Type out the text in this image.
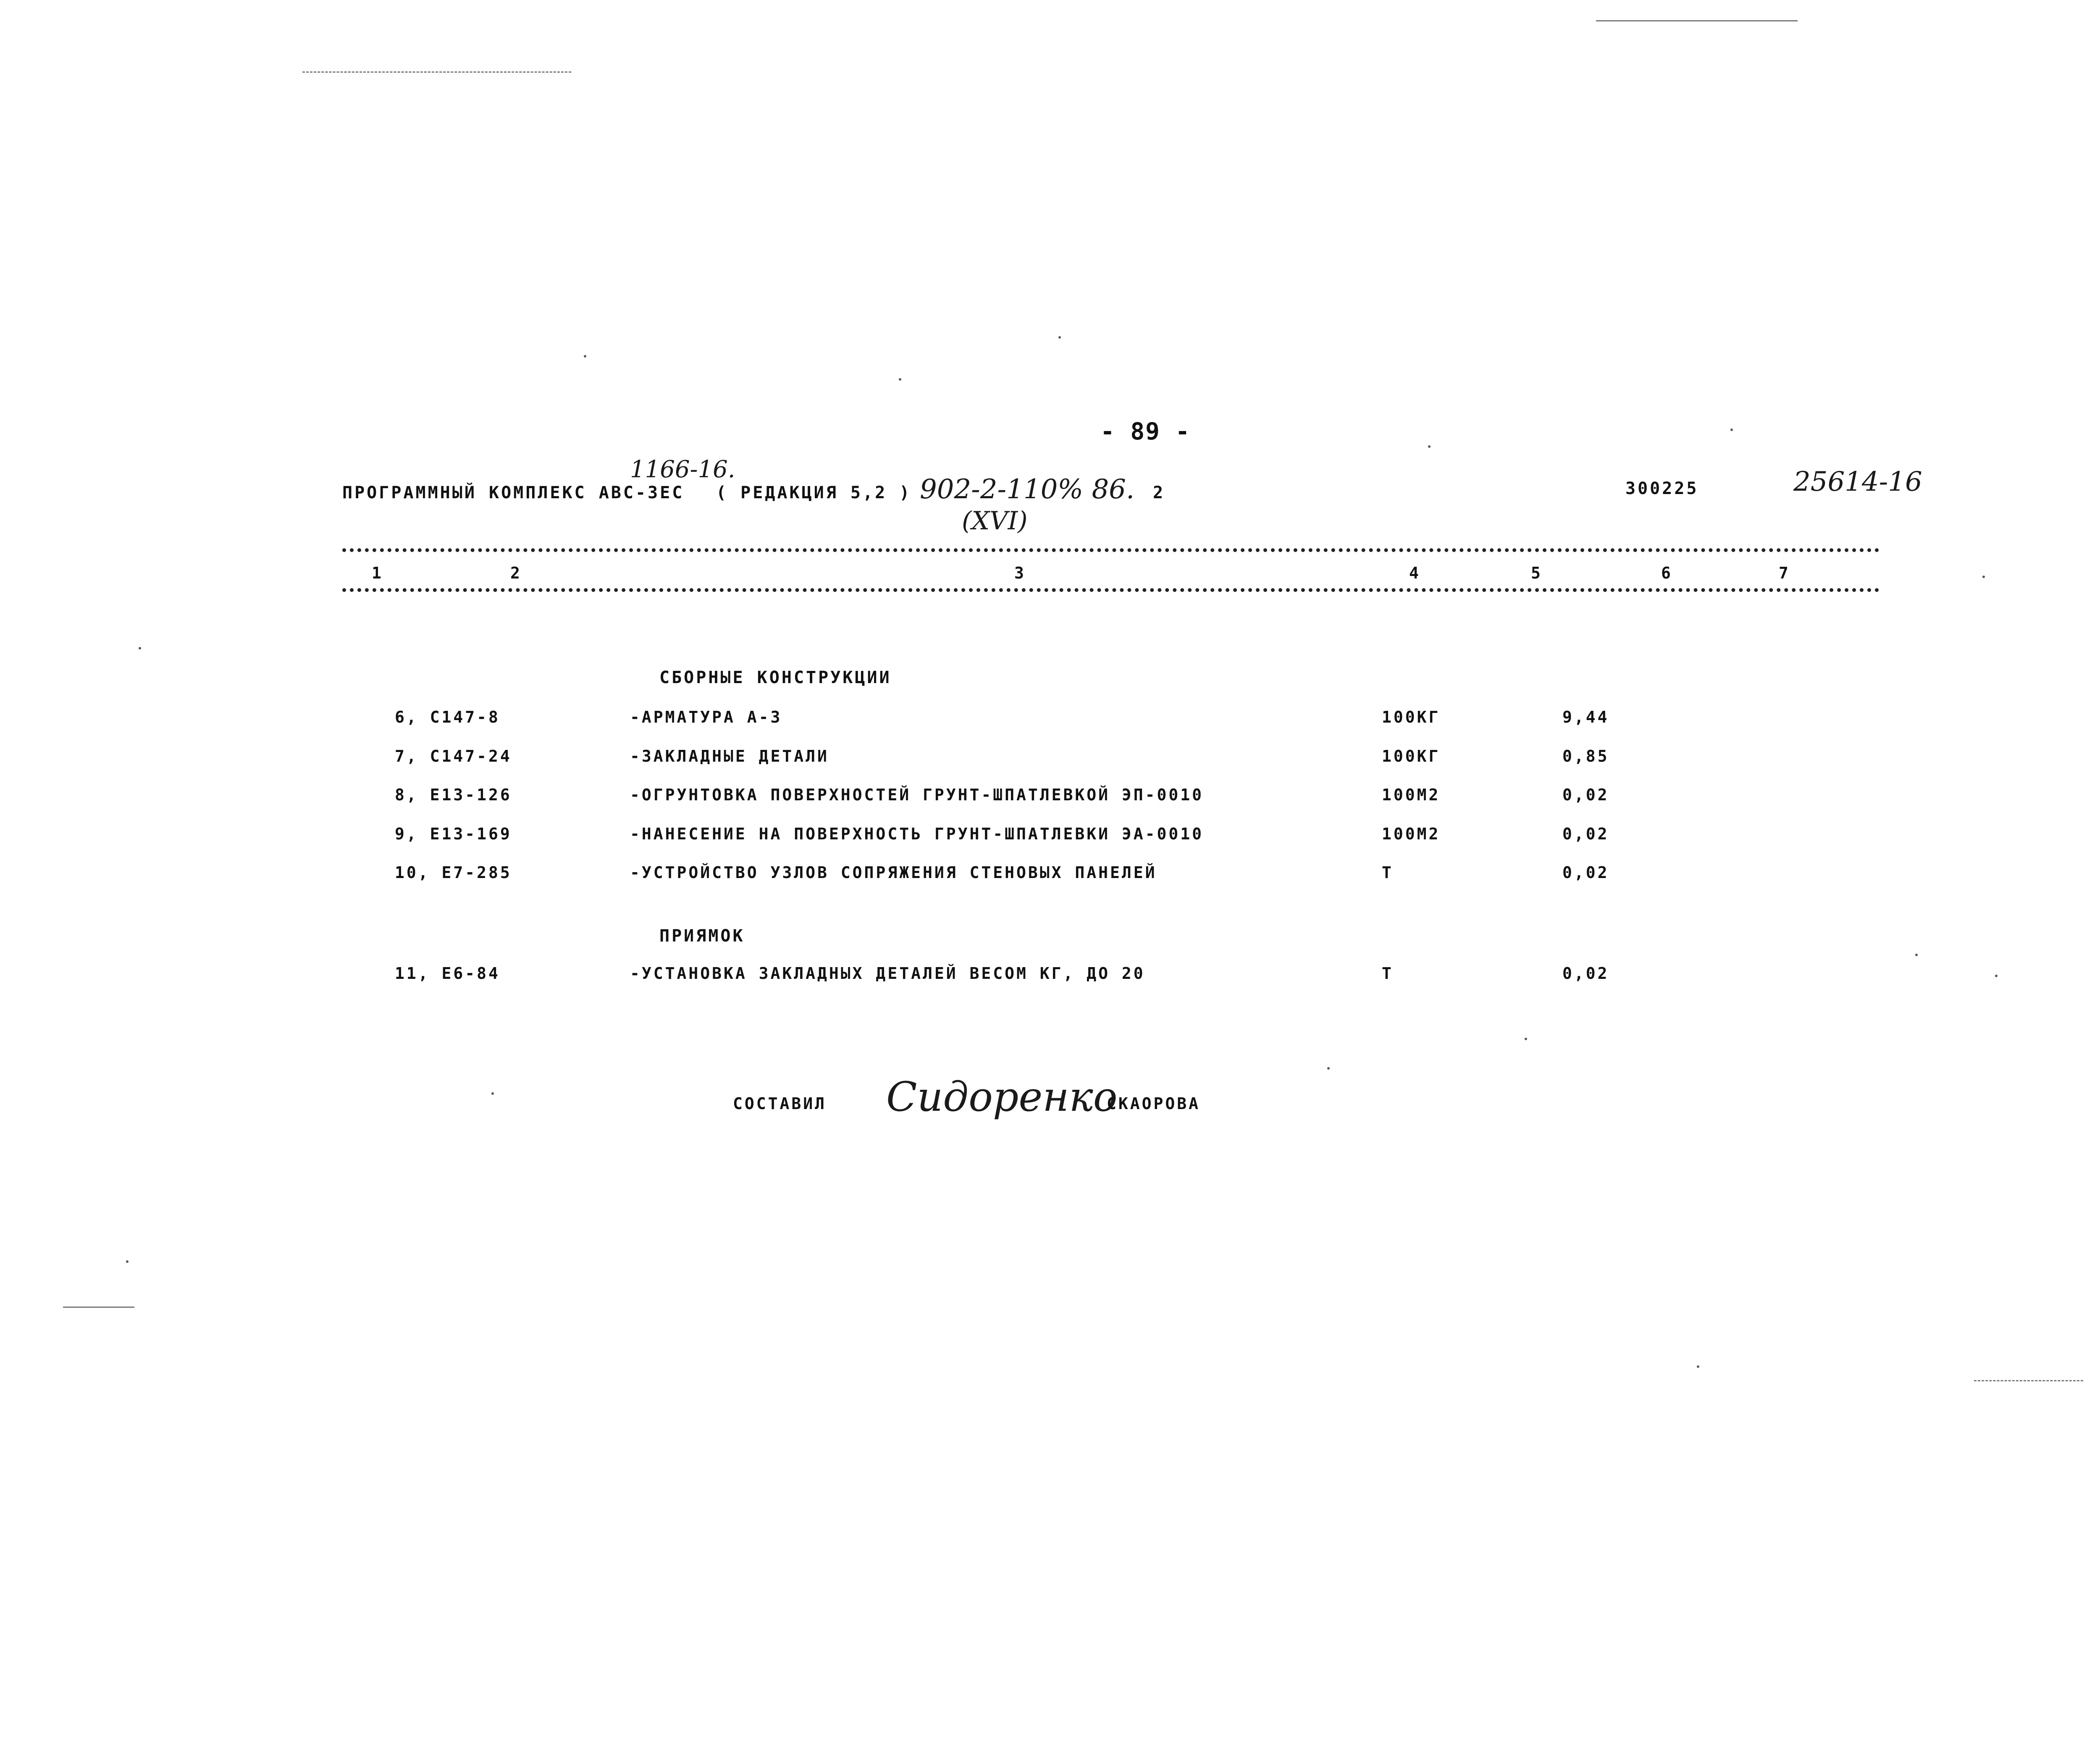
- 89 -
1166-16.
ПРОГРАММНЫЙ КОМПЛЕКС АВС-3ЕС ( РЕДАКЦИЯ 5,2 ) 902-2-110% 86. 2
(XVI)
300225	25614-16
1	2	3	4	5	6	7
СБОРНЫЕ КОНСТРУКЦИИ
6, С147-8	-АРМАТУРА А-3	100КГ	9,44
7, С147-24	-ЗАКЛАДНЫЕ ДЕТАЛИ	100КГ	0,85
8, Е13-126	-ОГРУНТОВКА ПОВЕРХНОСТЕЙ ГРУНТ-ШПАТЛЕВКОЙ ЭП-0010	100М2	0,02
9, Е13-169	-НАНЕСЕНИЕ НА ПОВЕРХНОСТЬ ГРУНТ-ШПАТЛЕВКИ ЭА-0010	100М2	0,02
10, Е7-285	-УСТРОЙСТВО УЗЛОВ СОПРЯЖЕНИЯ СТЕНОВЫХ ПАНЕЛЕЙ	Т	0,02
ПРИЯМОК
11, Е6-84	-УСТАНОВКА ЗАКЛАДНЫХ ДЕТАЛЕЙ ВЕСОМ КГ, ДО 20	Т	0,02
СОСТАВИЛ Сидоренко
СКАОРОВА
